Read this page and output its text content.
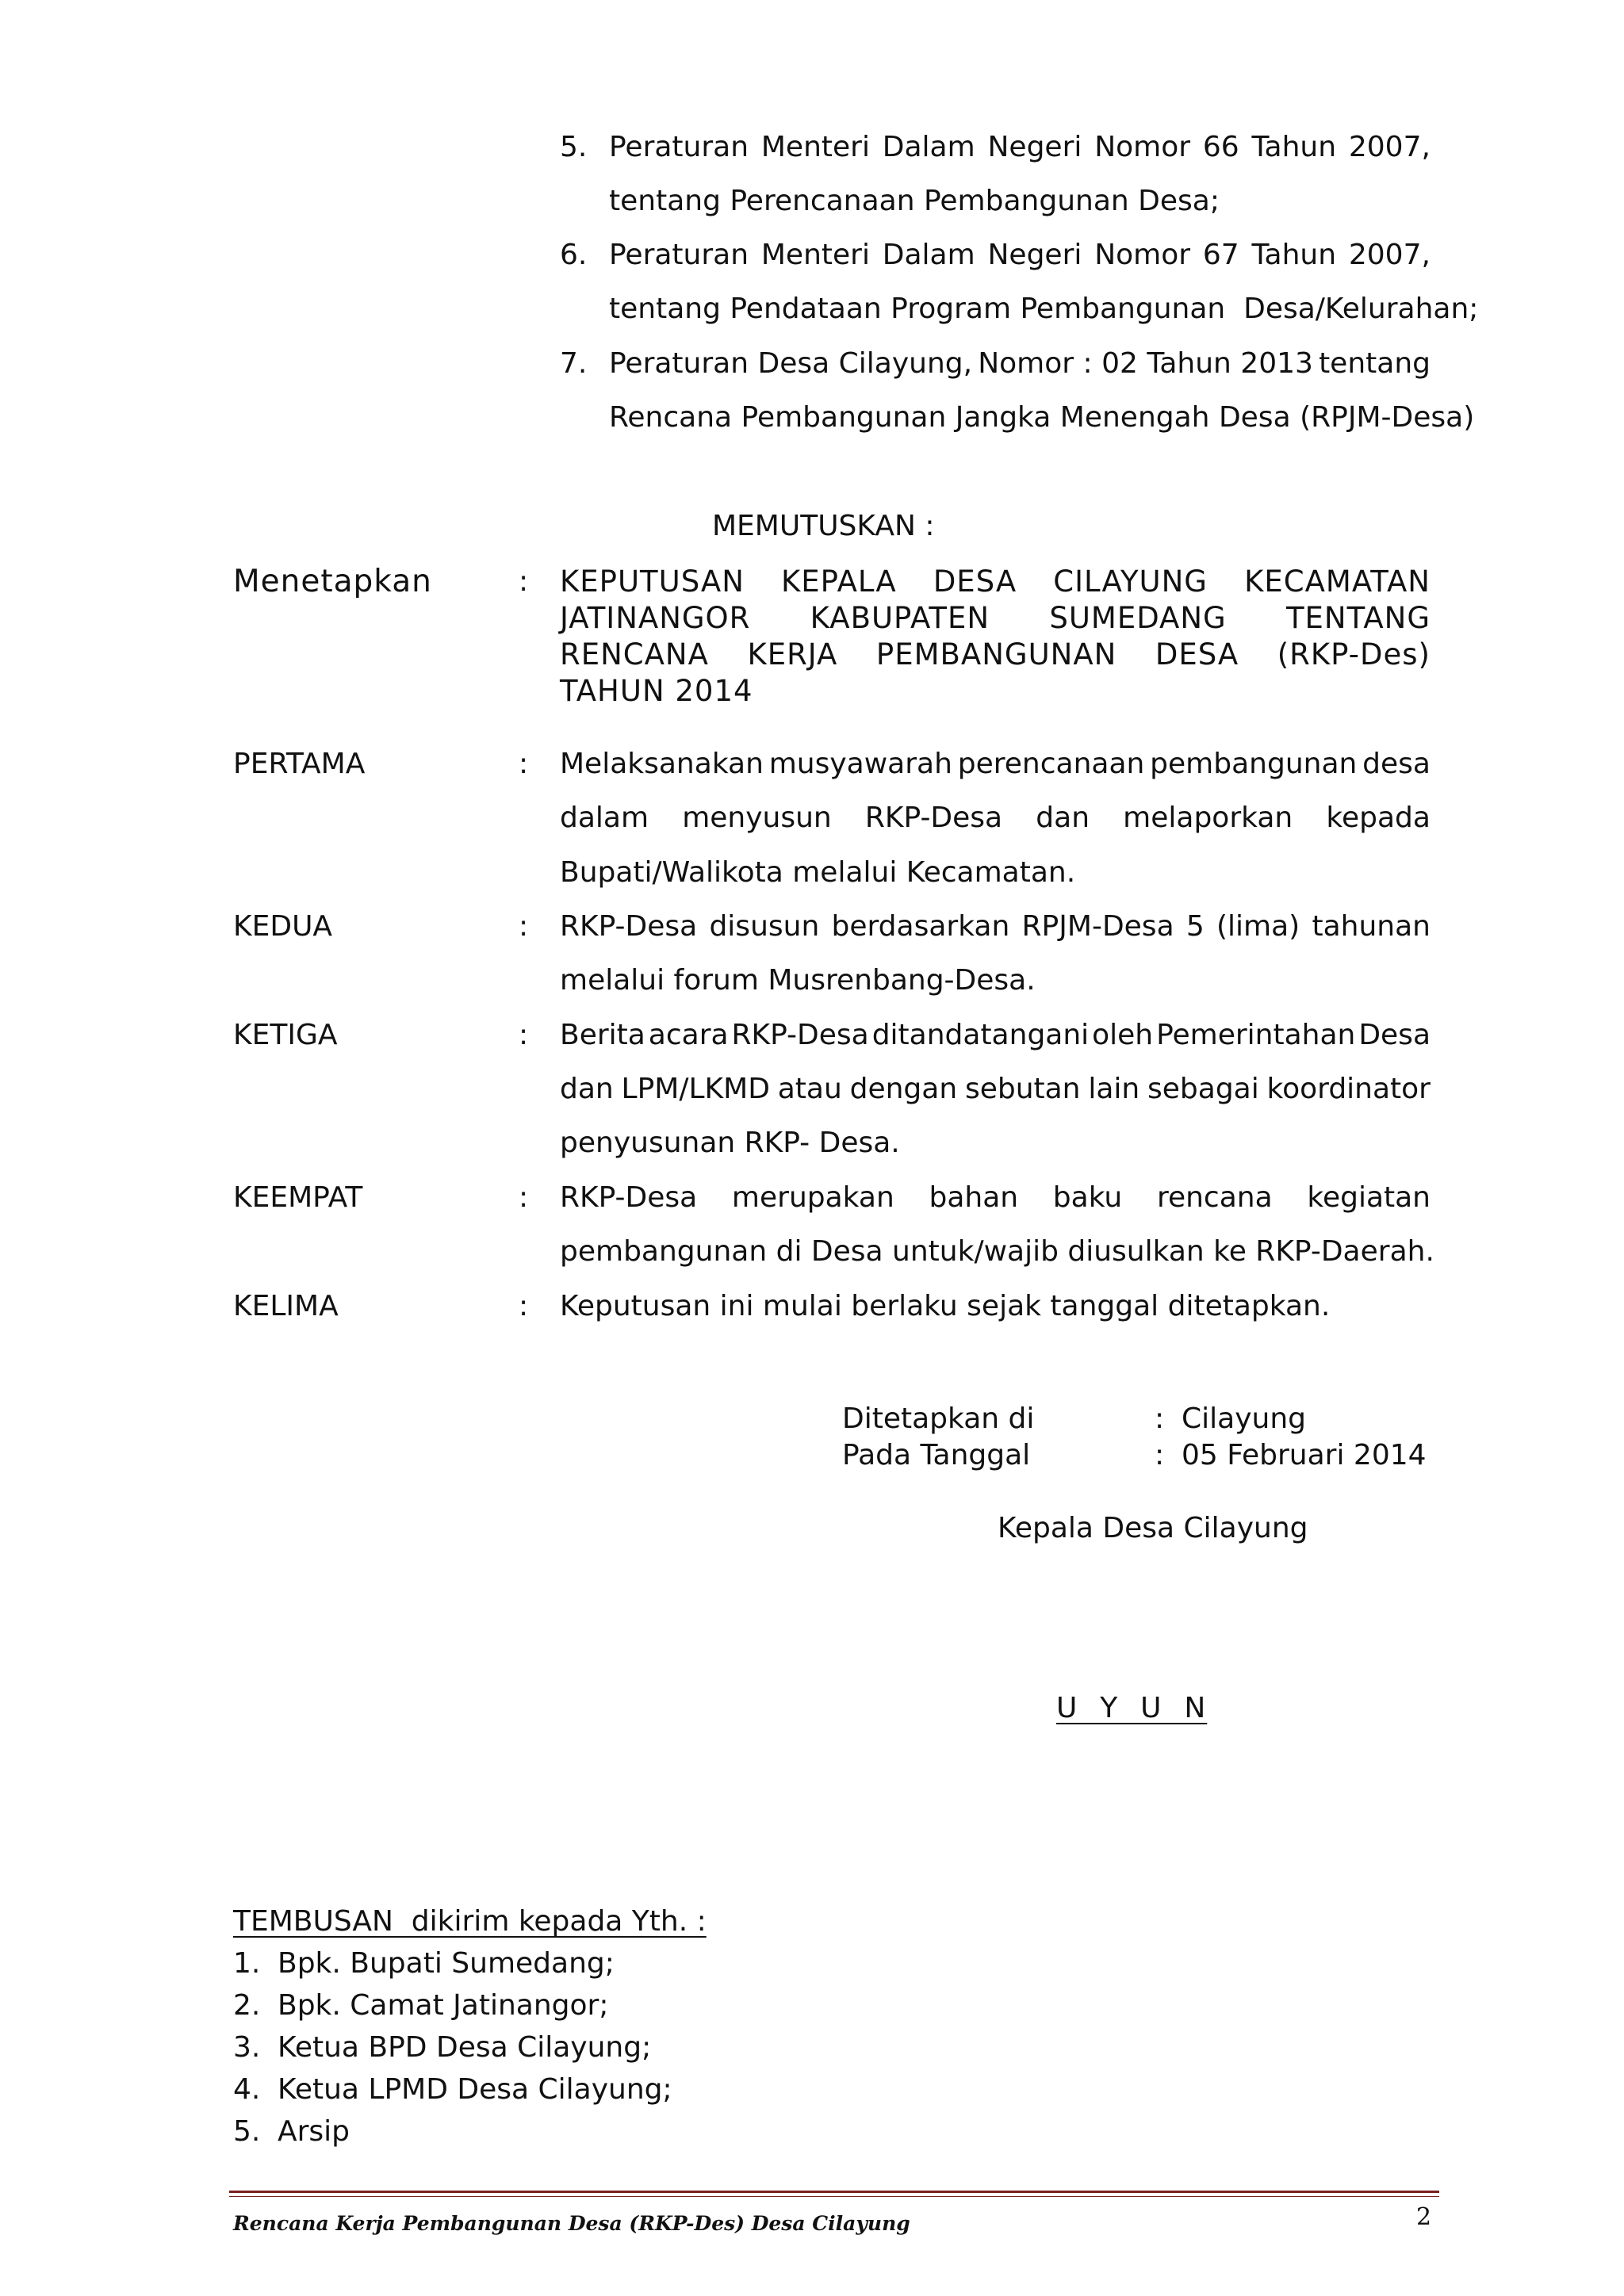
5. Peraturan Menteri Dalam Negeri Nomor 66 Tahun 2007,
tentang Perencanaan Pembangunan Desa;
6. Peraturan Menteri Dalam Negeri Nomor 67 Tahun 2007,
tentang Pendataan Program Pembangunan  Desa/Kelurahan;
7. Peraturan Desa Cilayung, Nomor : 02 Tahun 2013 tentang
Rencana Pembangunan Jangka Menengah Desa (RPJM-Desa)
MEMUTUSKAN :
Menetapkan	: KEPUTUSAN KEPALA DESA CILAYUNG KECAMATAN
JATINANGOR KABUPATEN SUMEDANG TENTANG
RENCANA KERJA PEMBANGUNAN DESA (RKP-Des)
TAHUN 2014
PERTAMA	: Melaksanakan musyawarah perencanaan pembangunan desa
dalam menyusun RKP-Desa dan melaporkan kepada
Bupati/Walikota melalui Kecamatan.
KEDUA	: RKP-Desa disusun berdasarkan RPJM-Desa 5 (lima) tahunan
melalui forum Musrenbang-Desa.
KETIGA	: Berita acara RKP-Desa ditandatangani oleh Pemerintahan Desa
dan LPM/LKMD atau dengan sebutan lain sebagai koordinator
penyusunan RKP- Desa.
KEEMPAT	: RKP-Desa merupakan bahan baku rencana kegiatan
pembangunan di Desa untuk/wajib diusulkan ke RKP-Daerah.
KELIMA	: Keputusan ini mulai berlaku sejak tanggal ditetapkan.
Ditetapkan di	: Cilayung
Pada Tanggal	: 05 Februari 2014
Kepala Desa Cilayung
U  Y  U  N
TEMBUSAN  dikirim kepada Yth. :
1. Bpk. Bupati Sumedang;
2. Bpk. Camat Jatinangor;
3. Ketua BPD Desa Cilayung;
4. Ketua LPMD Desa Cilayung;
5. Arsip
Rencana Kerja Pembangunan Desa (RKP-Des) Desa Cilayung	2
